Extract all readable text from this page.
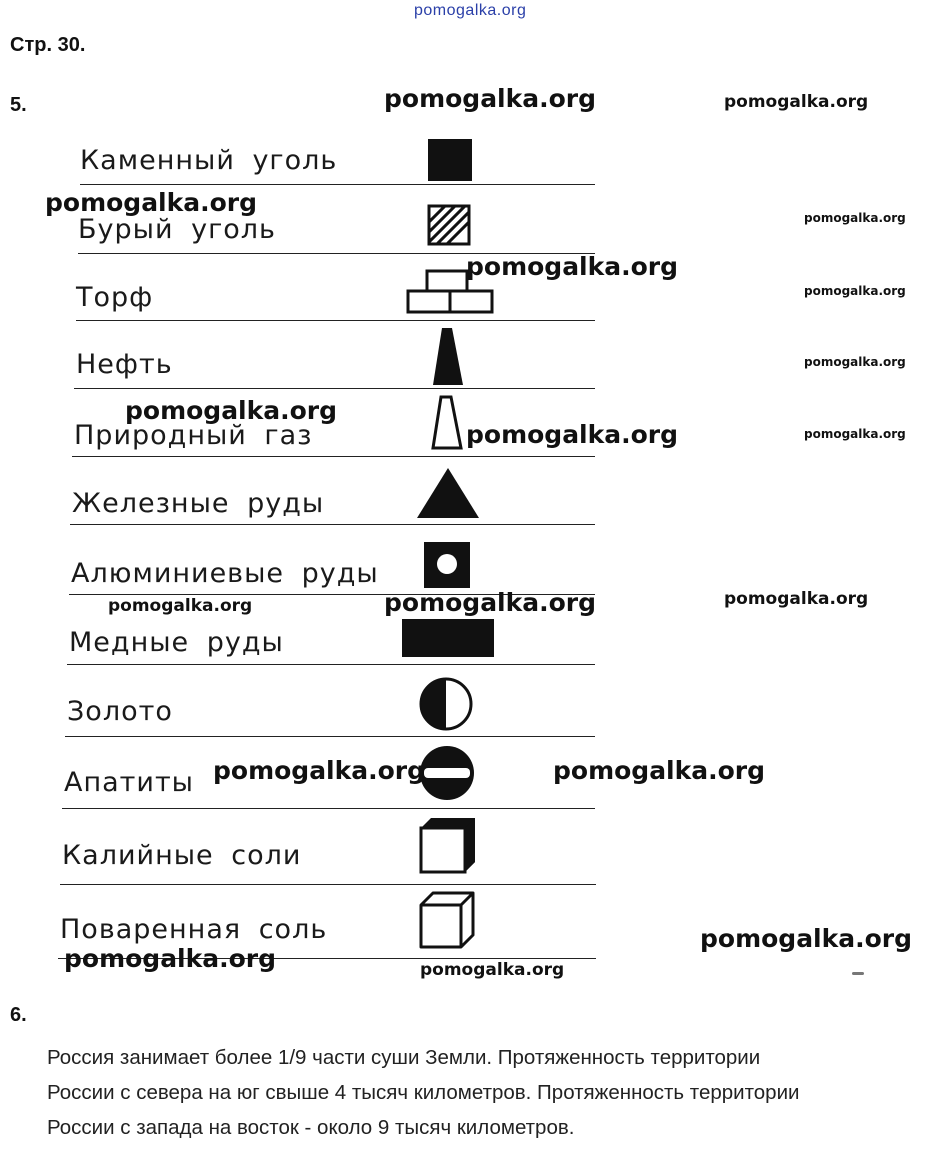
pomogalka.org
Стр. 30.
5.
Каменный уголь
Бурый уголь
Торф
Нефть
Природный газ
Железные руды
Алюминиевые руды
Медные руды
Золото
Апатиты
Калийные соли
Поваренная соль
pomogalka.org	pomogalka.org
pomogalka.org
pomogalka.org
pomogalka.org
pomogalka.org
pomogalka.org
pomogalka.org
pomogalka.org	pomogalka.org
pomogalka.org	pomogalka.org	pomogalka.org
pomogalka.org	pomogalka.org
pomogalka.org
pomogalka.org	pomogalka.org
6.

Россия занимает более 1/9 части суши Земли. Протяженность территории

России с севера на юг свыше 4 тысяч километров. Протяженность территории

России с запада на восток - около 9 тысяч километров.
